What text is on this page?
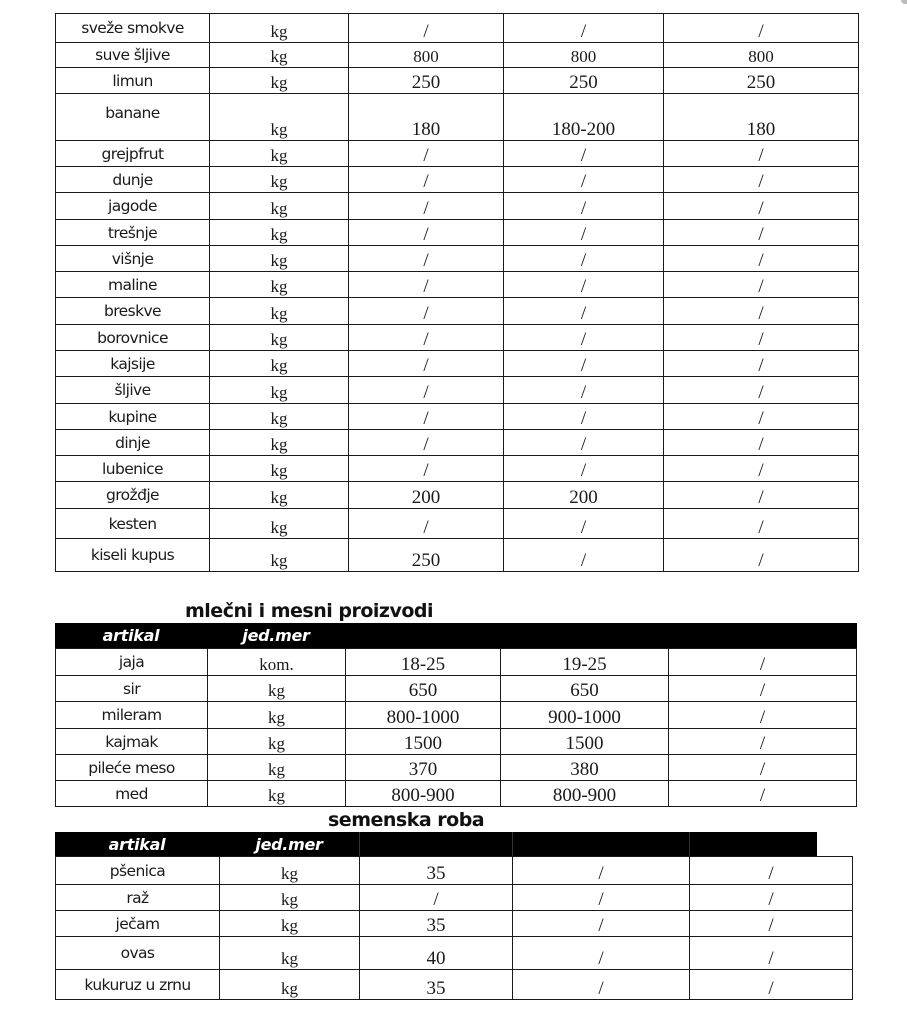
sveže smokve	kg	/	/	/
suve šljive	kg	800	800	800
limun	kg	250	250	250
banane	kg	180	180-200	180
grejpfrut	kg	/	/	/
dunje	kg	/	/	/
jagode	kg	/	/	/
trešnje	kg	/	/	/
višnje	kg	/	/	/
maline	kg	/	/	/
breskve	kg	/	/	/
borovnice	kg	/	/	/
kajsije	kg	/	/	/
šljive	kg	/	/	/
kupine	kg	/	/	/
dinje	kg	/	/	/
lubenice	kg	/	/	/
grožđje	kg	200	200	/
kesten	kg	/	/	/
kiseli kupus	kg	250	/	/
mlečni i mesni proizvodi
artikal	jed.mer
jaja	kom.	18-25	19-25	/
sir	kg	650	650	/
mileram	kg	800-1000	900-1000	/
kajmak	kg	1500	1500	/
pileće meso	kg	370	380	/
med	kg	800-900	800-900	/
semenska roba
artikal	jed.mer
pšenica	kg	35	/	/
raž	kg	/	/	/
ječam	kg	35	/	/
ovas	kg	40	/	/
kukuruz u zrnu	kg	35	/	/
